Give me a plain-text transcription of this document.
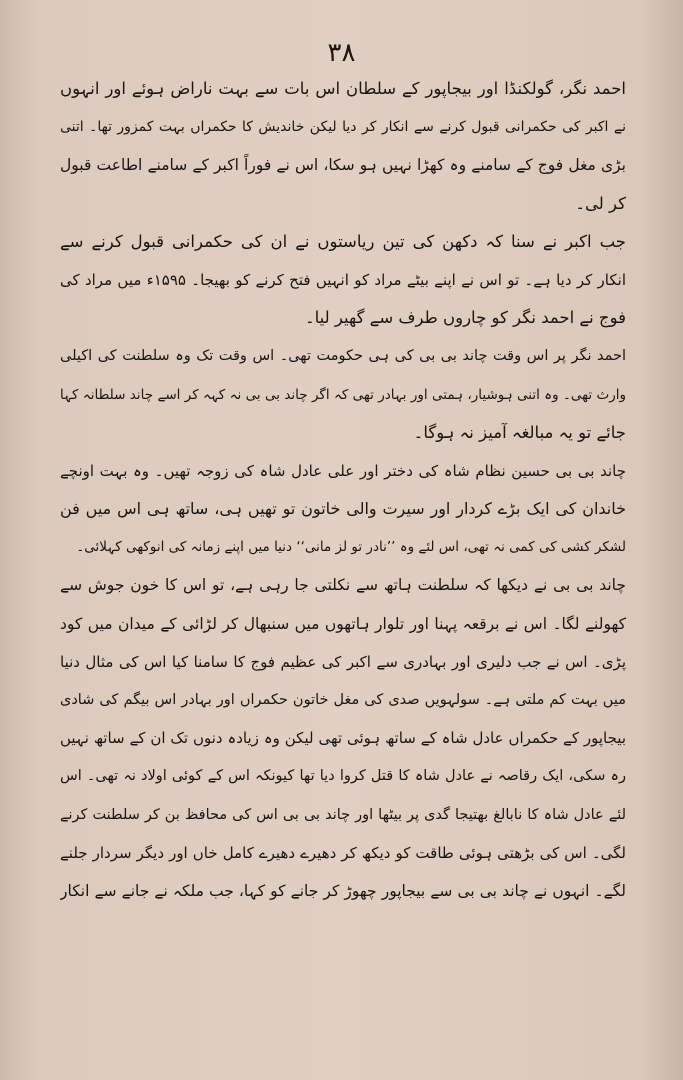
۳۸
احمد نگر، گولکنڈا اور بیجاپور کے سلطان اس بات سے بہت ناراض ہوئے اور انہوں
نے اکبر کی حکمرانی قبول کرنے سے انکار کر دیا لیکن خاندیش کا حکمراں بہت کمزور تھا۔ اتنی
بڑی مغل فوج کے سامنے وہ کھڑا نہیں ہو سکا، اس نے فوراً اکبر کے سامنے اطاعت قبول
کر لی۔
جب اکبر نے سنا کہ دکھن کی تین ریاستوں نے ان کی حکمرانی قبول کرنے سے
انکار کر دیا ہے۔ تو اس نے اپنے بیٹے مراد کو انہیں فتح کرنے کو بھیجا۔ ۱۵۹۵ء میں مراد کی
فوج نے احمد نگر کو چاروں طرف سے گھیر لیا۔
احمد نگر پر اس وقت چاند بی بی کی ہی حکومت تھی۔ اس وقت تک وہ سلطنت کی اکیلی
وارث تھی۔ وہ اتنی ہوشیار، ہمتی اور بہادر تھی کہ اگر چاند بی بی نہ کہہ کر اسے چاند سلطانہ کہا
جائے تو یہ مبالغہ آمیز نہ ہوگا۔
چاند بی بی حسین نظام شاہ کی دختر اور علی عادل شاہ کی زوجہ تھیں۔ وہ بہت اونچے
خاندان کی ایک بڑے کردار اور سیرت والی خاتون تو تھیں ہی، ساتھ ہی اس میں فن
لشکر کشی کی کمی نہ تھی، اس لئے وہ ’’نادر تو لز مانی‘‘ دنیا میں اپنے زمانہ کی انوکھی کہلائی۔
چاند بی بی نے دیکھا کہ سلطنت ہاتھ سے نکلتی جا رہی ہے، تو اس کا خون جوش سے
کھولنے لگا۔ اس نے برقعہ پہنا اور تلوار ہاتھوں میں سنبھال کر لڑائی کے میدان میں کود
پڑی۔ اس نے جب دلیری اور بہادری سے اکبر کی عظیم فوج کا سامنا کیا اس کی مثال دنیا
میں بہت کم ملتی ہے۔ سولہویں صدی کی مغل خاتون حکمراں اور بہادر اس بیگم کی شادی
بیجاپور کے حکمراں عادل شاہ کے ساتھ ہوئی تھی لیکن وہ زیادہ دنوں تک ان کے ساتھ نہیں
رہ سکی، ایک رقاصہ نے عادل شاہ کا قتل کروا دیا تھا کیونکہ اس کے کوئی اولاد نہ تھی۔ اس
لئے عادل شاہ کا نابالغ بھتیجا گدی پر بیٹھا اور چاند بی بی اس کی محافظ بن کر سلطنت کرنے
لگی۔ اس کی بڑھتی ہوئی طاقت کو دیکھ کر دھیرے دھیرے کامل خاں اور دیگر سردار جلنے
لگے۔ انہوں نے چاند بی بی سے بیجاپور چھوڑ کر جانے کو کہا، جب ملکہ نے جانے سے انکار
